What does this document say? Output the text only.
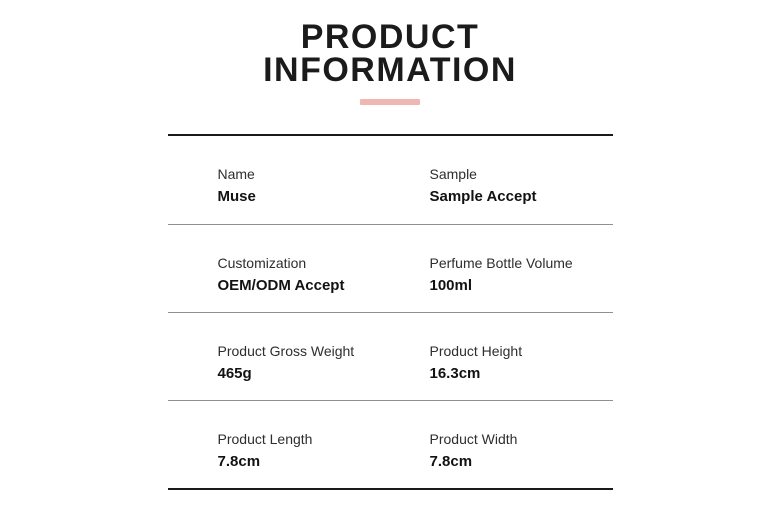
PRODUCT
INFORMATION
Name
Muse
Sample
Sample Accept
Customization
OEM/ODM Accept
Perfume Bottle Volume
100ml
Product Gross Weight
465g
Product Height
16.3cm
Product Length
7.8cm
Product Width
7.8cm
